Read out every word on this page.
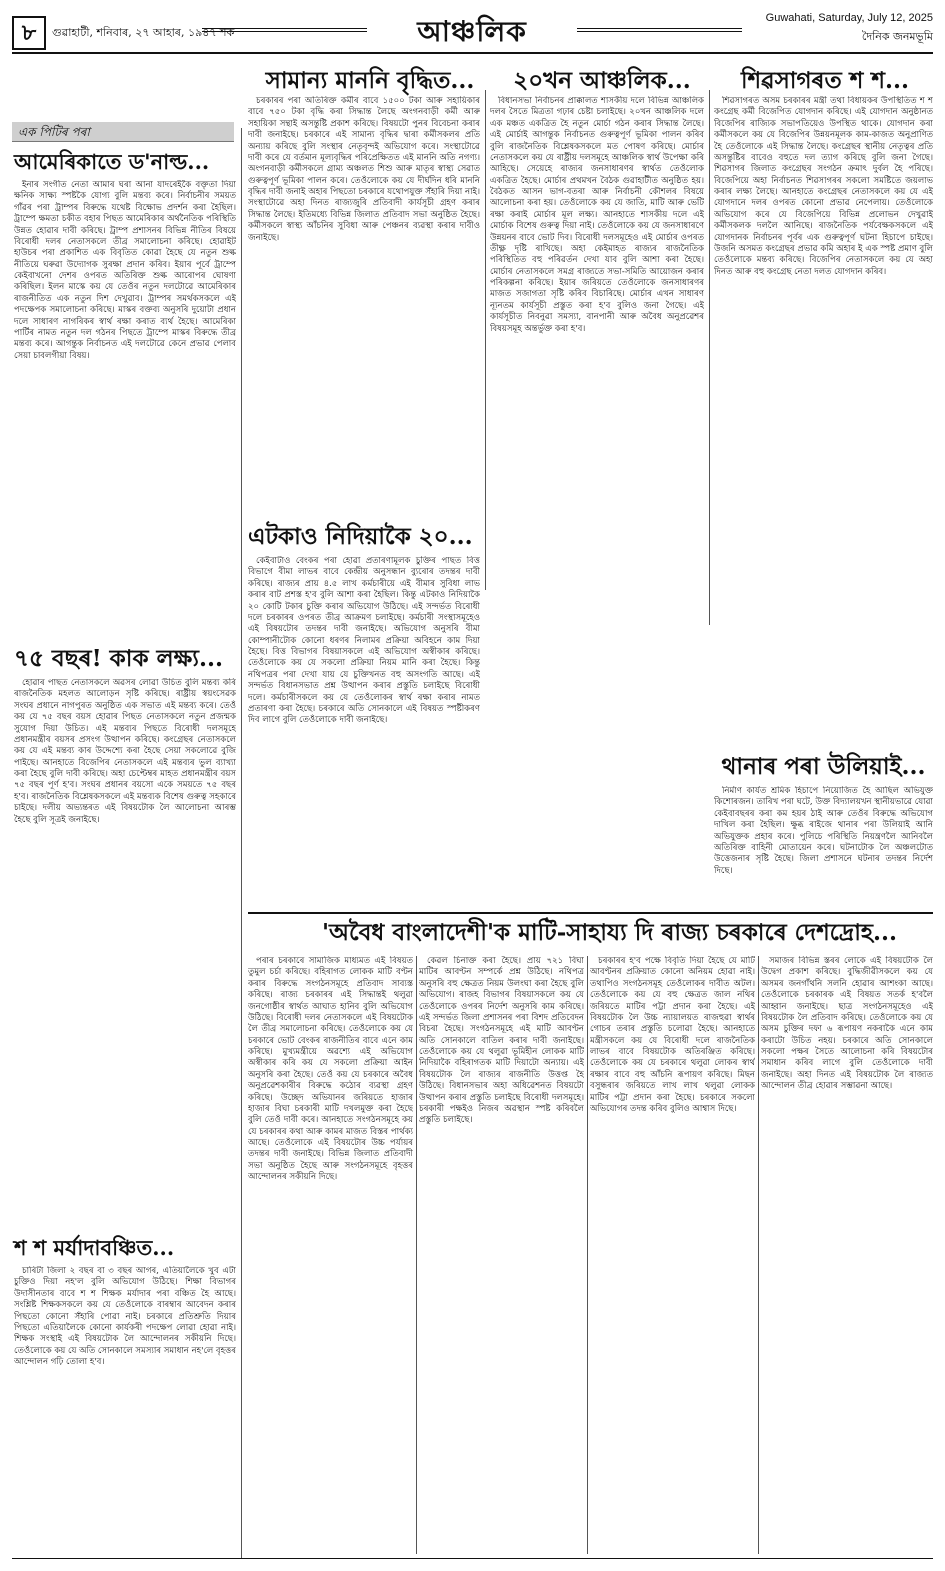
৮	গুৱাহাটী, শনিবাৰ, ২৭ আহাৰ, ১৯৪৭ শক	আঞ্চলিক	Guwahati, Saturday, July 12, 2025
দৈনিক জনমভূমি
সামান্য মাননি বৃদ্ধিত...	২০খন আঞ্চলিক...	শিৱসাগৰত শ শ...
এক পিটিৰ পৰা
আমেৰিকাতে ড'নাল্ড...

ইনাৰ সংগীত নেতা আমাৰ ঘৰা আনা যাদৰেইকৈ বক্তৃতা দিয়া ক্ষনিক সাক্ষ্য স্পষ্টকৈ যোগ্য বুলি মন্তব্য কৰে। নিৰ্বাচনীৰ সময়ত গাঁৱৰ পৰা ট্ৰাম্পৰ বিৰুদ্ধে যথেষ্ট বিক্ষোভ প্ৰদৰ্শন কৰা হৈছিল। ট্ৰাম্পে ক্ষমতা চকীত বহাৰ পিছত আমেৰিকাৰ অৰ্থনৈতিক পৰিস্থিতি উন্নত হোৱাৰ দাবী কৰিছে। ট্ৰাম্প প্ৰশাসনৰ বিভিন্ন নীতিৰ বিষয়ে বিৰোধী দলৰ নেতাসকলে তীব্ৰ সমালোচনা কৰিছে। হোৱাইট হাউচৰ পৰা প্ৰকাশিত এক বিবৃতিত কোৱা হৈছে যে নতুন শুল্ক নীতিয়ে ঘৰুৱা উদ্যোগক সুৰক্ষা প্ৰদান কৰিব। ইয়াৰ পূৰ্বে ট্ৰাম্পে কেইবাখনো দেশৰ ওপৰত অতিৰিক্ত শুল্ক আৰোপৰ ঘোষণা কৰিছিল। ইলন মাস্কে কয় যে তেওঁৰ নতুন দলটোৱে আমেৰিকাৰ ৰাজনীতিত এক নতুন দিশ দেখুৱাব। ট্ৰাম্পৰ সমৰ্থকসকলে এই পদক্ষেপক সমালোচনা কৰিছে। মাস্কৰ বক্তব্য অনুসৰি দুয়োটা প্ৰধান দলে সাধাৰণ নাগৰিকৰ স্বাৰ্থ ৰক্ষা কৰাত ব্যৰ্থ হৈছে। আমেৰিকা পাৰ্টিৰ নামত নতুন দল গঠনৰ পিছতে ট্ৰাম্পে মাস্কৰ বিৰুদ্ধে তীব্ৰ মন্তব্য কৰে। আগন্তুক নিৰ্বাচনত এই দলটোৱে কেনে প্ৰভাৱ পেলাব সেয়া চাবলগীয়া বিষয়।

৭৫ বছৰ! কাক লক্ষ্য...

হোৱাৰ পাছত নেতাসকলে অৱসৰ লোৱা উচিত বুলি মন্তব্য কৰি ৰাজনৈতিক মহলত আলোড়ন সৃষ্টি কৰিছে। ৰাষ্ট্ৰীয় স্বয়ংসেৱক সংঘৰ প্ৰধানে নাগপুৰত অনুষ্ঠিত এক সভাত এই মন্তব্য কৰে। তেওঁ কয় যে ৭৫ বছৰ বয়স হোৱাৰ পিছত নেতাসকলে নতুন প্ৰজন্মক সুযোগ দিয়া উচিত। এই মন্তব্যৰ পিছতে বিৰোধী দলসমূহে প্ৰধানমন্ত্ৰীৰ বয়সৰ প্ৰসংগ উত্থাপন কৰিছে। কংগ্ৰেছৰ নেতাসকলে কয় যে এই মন্তব্য কাৰ উদ্দেশ্যে কৰা হৈছে সেয়া সকলোৱে বুজি পাইছে। আনহাতে বিজেপিৰ নেতাসকলে এই মন্তব্যৰ ভুল ব্যাখ্যা কৰা হৈছে বুলি দাবী কৰিছে। অহা চেপ্টেম্বৰ মাহত প্ৰধানমন্ত্ৰীৰ বয়স ৭৫ বছৰ পূৰ্ণ হ'ব। সংঘৰ প্ৰধানৰ বয়সো একে সময়তে ৭৫ বছৰ হ'ব। ৰাজনৈতিক বিশ্লেষকসকলে এই মন্তব্যক বিশেষ গুৰুত্ব সহকাৰে চাইছে। দলীয় অভ্যন্তৰত এই বিষয়টোক লৈ আলোচনা আৰম্ভ হৈছে বুলি সূত্ৰই জনাইছে।

শ শ মৰ্যাদাবঞ্চিত...

চাৰিটা জিলা ২ বছৰ বা ৩ বছৰ আগৰ, এতিয়ালৈকে খুব এটা চুক্তিও দিয়া নহ'ল বুলি অভিযোগ উঠিছে। শিক্ষা বিভাগৰ উদাসীনতাৰ বাবে শ শ শিক্ষক মৰ্যাদাৰ পৰা বঞ্চিত হৈ আছে। সংশ্লিষ্ট শিক্ষকসকলে কয় যে তেওঁলোকে বাৰম্বাৰ আবেদন কৰাৰ পিছতো কোনো সঁহাৰি পোৱা নাই। চৰকাৰে প্ৰতিশ্ৰুতি দিয়াৰ পিছতো এতিয়ালৈকে কোনো কাৰ্যকৰী পদক্ষেপ লোৱা হোৱা নাই। শিক্ষক সংস্থাই এই বিষয়টোক লৈ আন্দোলনৰ সকীয়নি দিছে। তেওঁলোকে কয় যে অতি সোনকালে সমস্যাৰ সমাধান নহ'লে বৃহত্তৰ আন্দোলন গঢ়ি তোলা হ'ব।

চৰকাৰৰ পৰা অতিৰিক্ত কৰ্মীৰ বাবে ১৫০০ টকা আৰু সহায়িকাৰ বাবে ৭৫০ টকা বৃদ্ধি কৰা সিদ্ধান্ত লৈছে অংগনবাড়ী কৰ্মী আৰু সহায়িকা সন্থাই অসন্তুষ্টি প্ৰকাশ কৰিছে। বিষয়টো পুনৰ বিবেচনা কৰাৰ দাবী জনাইছে। চৰকাৰে এই সামান্য বৃদ্ধিৰ দ্বাৰা কৰ্মীসকলৰ প্ৰতি অন্যায় কৰিছে বুলি সংস্থাৰ নেতৃবৃন্দই অভিযোগ কৰে। সংস্থাটোৱে দাবী কৰে যে বৰ্তমান মূল্যবৃদ্ধিৰ পৰিপ্ৰেক্ষিতত এই মাননি অতি নগণ্য। অংগনবাড়ী কৰ্মীসকলে গ্ৰাম্য অঞ্চলত শিশু আৰু মাতৃৰ স্বাস্থ্য সেৱাত গুৰুত্বপূৰ্ণ ভূমিকা পালন কৰে। তেওঁলোকে কয় যে দীৰ্ঘদিন ধৰি মাননি বৃদ্ধিৰ দাবী জনাই অহাৰ পিছতো চৰকাৰে যথোপযুক্ত সঁহাৰি দিয়া নাই। সংস্থাটোৱে অহা দিনত ৰাজ্যজুৰি প্ৰতিবাদী কাৰ্যসূচী গ্ৰহণ কৰাৰ সিদ্ধান্ত লৈছে। ইতিমধ্যে বিভিন্ন জিলাত প্ৰতিবাদ সভা অনুষ্ঠিত হৈছে। কৰ্মীসকলে স্বাস্থ্য আঁচনিৰ সুবিধা আৰু পেঞ্চনৰ ব্যৱস্থা কৰাৰ দাবীও জনাইছে।

এটকাও নিদিয়াকৈ ২০...

কেইবাটাও বেংকৰ পৰা হোৱা প্ৰতাৰণামূলক চুক্তিৰ পাছত বিত্ত বিভাগে বীমা লাভৰ বাবে কেন্দ্ৰীয় অনুসন্ধান ব্যুৰোৰ তদন্তৰ দাবী কৰিছে। ৰাজ্যৰ প্ৰায় ৪.৫ লাখ কৰ্মচাৰীয়ে এই বীমাৰ সুবিধা লাভ কৰাৰ বাট প্ৰশস্ত হ'ব বুলি আশা কৰা হৈছিল। কিন্তু এটকাও নিদিয়াকৈ ২০ কোটি টকাৰ চুক্তি কৰাৰ অভিযোগ উঠিছে। এই সন্দৰ্ভত বিৰোধী দলে চৰকাৰৰ ওপৰত তীব্ৰ আক্ৰমণ চলাইছে। কৰ্মচাৰী সংস্থাসমূহেও এই বিষয়টোৰ তদন্তৰ দাবী জনাইছে। অভিযোগ অনুসৰি বীমা কোম্পানীটোক কোনো ধৰণৰ নিলামৰ প্ৰক্ৰিয়া অবিহনে কাম দিয়া হৈছে। বিত্ত বিভাগৰ বিষয়াসকলে এই অভিযোগ অস্বীকাৰ কৰিছে। তেওঁলোকে কয় যে সকলো প্ৰক্ৰিয়া নিয়ম মানি কৰা হৈছে। কিন্তু নথিপত্ৰৰ পৰা দেখা যায় যে চুক্তিখনত বহু অসংগতি আছে। এই সন্দৰ্ভত বিধানসভাত প্ৰশ্ন উত্থাপন কৰাৰ প্ৰস্তুতি চলাইছে বিৰোধী দলে। কৰ্মচাৰীসকলে কয় যে তেওঁলোকৰ স্বাৰ্থ ৰক্ষা কৰাৰ নামত প্ৰতাৰণা কৰা হৈছে। চৰকাৰে অতি সোনকালে এই বিষয়ত স্পষ্টীকৰণ দিব লাগে বুলি তেওঁলোকে দাবী জনাইছে।

বিধানসভা নিৰ্বাচনৰ প্ৰাক্কালত শাসকীয় দলে বিভিন্ন আঞ্চলিক দলৰ সৈতে মিত্ৰতা গঢ়াৰ চেষ্টা চলাইছে। ২০খন আঞ্চলিক দলে এক মঞ্চত একত্ৰিত হৈ নতুন মোৰ্চা গঠন কৰাৰ সিদ্ধান্ত লৈছে। এই মোৰ্চাই আগন্তুক নিৰ্বাচনত গুৰুত্বপূৰ্ণ ভূমিকা পালন কৰিব বুলি ৰাজনৈতিক বিশ্লেষকসকলে মত পোষণ কৰিছে। মোৰ্চাৰ নেতাসকলে কয় যে ৰাষ্ট্ৰীয় দলসমূহে আঞ্চলিক স্বাৰ্থ উপেক্ষা কৰি আহিছে। সেয়েহে ৰাজ্যৰ জনসাধাৰণৰ স্বাৰ্থত তেওঁলোক একত্ৰিত হৈছে। মোৰ্চাৰ প্ৰথমখন বৈঠক গুৱাহাটীত অনুষ্ঠিত হয়। বৈঠকত আসন ভাগ-বতৰা আৰু নিৰ্বাচনী কৌশলৰ বিষয়ে আলোচনা কৰা হয়। তেওঁলোকে কয় যে জাতি, মাটি আৰু ভেটি ৰক্ষা কৰাই মোৰ্চাৰ মূল লক্ষ্য। আনহাতে শাসকীয় দলে এই মোৰ্চাক বিশেষ গুৰুত্ব দিয়া নাই। তেওঁলোকে কয় যে জনসাধাৰণে উন্নয়নৰ বাবে ভোট দিব। বিৰোধী দলসমূহেও এই মোৰ্চাৰ ওপৰত তীক্ষ্ণ দৃষ্টি ৰাখিছে। অহা কেইমাহত ৰাজ্যৰ ৰাজনৈতিক পৰিস্থিতিত বহু পৰিৱৰ্তন দেখা যাব বুলি আশা কৰা হৈছে। মোৰ্চাৰ নেতাসকলে সমগ্ৰ ৰাজ্যতে সভা-সমিতি আয়োজন কৰাৰ পৰিকল্পনা কৰিছে। ইয়াৰ জৰিয়তে তেওঁলোকে জনসাধাৰণৰ মাজত সজাগতা সৃষ্টি কৰিব বিচাৰিছে। মোৰ্চাৰ এখন সাধাৰণ ন্যূনতম কাৰ্যসূচী প্ৰস্তুত কৰা হ'ব বুলিও জনা গৈছে। এই কাৰ্যসূচীত নিবনুৱা সমস্যা, বানপানী আৰু অবৈধ অনুপ্ৰৱেশৰ বিষয়সমূহ অন্তৰ্ভুক্ত কৰা হ'ব।

শিৱসাগৰত অসম চৰকাৰৰ মন্ত্ৰী তথা বিধায়কৰ উপস্থিতিত শ শ কংগ্ৰেছ কৰ্মী বিজেপিত যোগদান কৰিছে। এই যোগদান অনুষ্ঠানত বিজেপিৰ ৰাজ্যিক সভাপতিয়েও উপস্থিত থাকে। যোগদান কৰা কৰ্মীসকলে কয় যে বিজেপিৰ উন্নয়নমূলক কাম-কাজত অনুপ্ৰাণিত হৈ তেওঁলোকে এই সিদ্ধান্ত লৈছে। কংগ্ৰেছৰ স্থানীয় নেতৃত্বৰ প্ৰতি অসন্তুষ্টিৰ বাবেও বহুতে দল ত্যাগ কৰিছে বুলি জনা গৈছে। শিৱসাগৰ জিলাত কংগ্ৰেছৰ সংগঠন ক্ৰমাৎ দুৰ্বল হৈ পৰিছে। বিজেপিয়ে অহা নিৰ্বাচনত শিৱসাগৰৰ সকলো সমষ্টিতে জয়লাভ কৰাৰ লক্ষ্য লৈছে। আনহাতে কংগ্ৰেছৰ নেতাসকলে কয় যে এই যোগদানে দলৰ ওপৰত কোনো প্ৰভাৱ নেপেলায়। তেওঁলোকে অভিযোগ কৰে যে বিজেপিয়ে বিভিন্ন প্ৰলোভন দেখুৱাই কৰ্মীসকলক দললৈ আনিছে। ৰাজনৈতিক পৰ্যবেক্ষকসকলে এই যোগদানক নিৰ্বাচনৰ পূৰ্বৰ এক গুৰুত্বপূৰ্ণ ঘটনা হিচাপে চাইছে। উজনি অসমত কংগ্ৰেছৰ প্ৰভাৱ কমি অহাৰ ই এক স্পষ্ট প্ৰমাণ বুলি তেওঁলোকে মন্তব্য কৰিছে। বিজেপিৰ নেতাসকলে কয় যে অহা দিনত আৰু বহু কংগ্ৰেছ নেতা দলত যোগদান কৰিব।

থানাৰ পৰা উলিয়াই...

নিৰ্মাণ কাৰ্যত শ্ৰমিক হিচাপে নিয়োজিত হৈ আছিল অভিযুক্ত কিশোৰজন। তাৰিখ পৰা ঘটে, উক্ত বিদ্যালয়খন স্থানীয়ভাৱে যোৱা কেইবাবছৰৰ কৰা কম হয়ৰ ঠাই আৰু তেওঁৰ বিৰুদ্ধে অভিযোগ দাখিল কৰা হৈছিল। ক্ষুব্ধ ৰাইজে থানাৰ পৰা উলিয়াই আনি অভিযুক্তক প্ৰহাৰ কৰে। পুলিচে পৰিস্থিতি নিয়ন্ত্ৰণলৈ আনিবলৈ অতিৰিক্ত বাহিনী মোতায়েন কৰে। ঘটনাটোক লৈ অঞ্চলটোত উত্তেজনাৰ সৃষ্টি হৈছে। জিলা প্ৰশাসনে ঘটনাৰ তদন্তৰ নিৰ্দেশ দিছে।

'অবৈধ বাংলাদেশী'ক মাটি-সাহায্য দি ৰাজ্য চৰকাৰে দেশদ্ৰোহ...

পৰাৰ চৰকাৰে সামাজিক মাধ্যমত এই বিষয়ত তুমুল চৰ্চা কৰিছে। বহিৰাগত লোকক মাটি বণ্টন কৰাৰ বিৰুদ্ধে সংগঠনসমূহে প্ৰতিবাদ সাব্যস্ত কৰিছে। ৰাজ্য চৰকাৰৰ এই সিদ্ধান্তই থলুৱা জনগোষ্ঠীৰ স্বাৰ্থত আঘাত হানিব বুলি অভিযোগ উঠিছে। বিৰোধী দলৰ নেতাসকলে এই বিষয়টোক লৈ তীব্ৰ সমালোচনা কৰিছে। তেওঁলোকে কয় যে চৰকাৰে ভোট বেংকৰ ৰাজনীতিৰ বাবে এনে কাম কৰিছে। মুখ্যমন্ত্ৰীয়ে অৱশ্যে এই অভিযোগ অস্বীকাৰ কৰি কয় যে সকলো প্ৰক্ৰিয়া আইন অনুসৰি কৰা হৈছে। তেওঁ কয় যে চৰকাৰে অবৈধ অনুপ্ৰৱেশকাৰীৰ বিৰুদ্ধে কঠোৰ ব্যৱস্থা গ্ৰহণ কৰিছে। উচ্ছেদ অভিযানৰ জৰিয়তে হাজাৰ হাজাৰ বিঘা চৰকাৰী মাটি দখলমুক্ত কৰা হৈছে বুলি তেওঁ দাবী কৰে। আনহাতে সংগঠনসমূহে কয় যে চৰকাৰৰ কথা আৰু কামৰ মাজত বিস্তৰ পাৰ্থক্য আছে। তেওঁলোকে এই বিষয়টোৰ উচ্চ পৰ্যায়ৰ তদন্তৰ দাবী জনাইছে। বিভিন্ন জিলাত প্ৰতিবাদী সভা অনুষ্ঠিত হৈছে আৰু সংগঠনসমূহে বৃহত্তৰ আন্দোলনৰ সকীয়নি দিছে।

কেৱল চিনাক্ত কৰা হৈছে। প্ৰায় ৭২১ বিঘা মাটিৰ আবণ্টন সম্পৰ্কে প্ৰশ্ন উঠিছে। নথিপত্ৰ অনুসৰি বহু ক্ষেত্ৰত নিয়ম উলংঘা কৰা হৈছে বুলি অভিযোগ। ৰাজহ বিভাগৰ বিষয়াসকলে কয় যে তেওঁলোকে ওপৰৰ নিৰ্দেশ অনুসৰি কাম কৰিছে। এই সন্দৰ্ভত জিলা প্ৰশাসনৰ পৰা বিশদ প্ৰতিবেদন বিচৰা হৈছে। সংগঠনসমূহে এই মাটি আবণ্টন অতি সোনকালে বাতিল কৰাৰ দাবী জনাইছে। তেওঁলোকে কয় যে থলুৱা ভূমিহীন লোকক মাটি নিদিয়াকৈ বহিৰাগতক মাটি দিয়াটো অন্যায়। এই বিষয়টোক লৈ ৰাজ্যৰ ৰাজনীতি উত্তপ্ত হৈ উঠিছে। বিধানসভাৰ অহা অধিৱেশনত বিষয়টো উত্থাপন কৰাৰ প্ৰস্তুতি চলাইছে বিৰোধী দলসমূহে। চৰকাৰী পক্ষইও নিজৰ অৱস্থান স্পষ্ট কৰিবলৈ প্ৰস্তুতি চলাইছে।

চৰকাৰৰ হ'ব পক্ষে বিবৃতি দিয়া হৈছে যে মাটি আবণ্টনৰ প্ৰক্ৰিয়াত কোনো অনিয়ম হোৱা নাই। তথাপিও সংগঠনসমূহ তেওঁলোকৰ দাবীত অটল। তেওঁলোকে কয় যে বহু ক্ষেত্ৰত জাল নথিৰ জৰিয়তে মাটিৰ পট্টা প্ৰদান কৰা হৈছে। এই বিষয়টোক লৈ উচ্চ ন্যায়ালয়ত ৰাজহুৱা স্বাৰ্থৰ গোচৰ তৰাৰ প্ৰস্তুতি চলোৱা হৈছে। আনহাতে মন্ত্ৰীসকলে কয় যে বিৰোধী দলে ৰাজনৈতিক লাভৰ বাবে বিষয়টোক অতিৰঞ্জিত কৰিছে। তেওঁলোকে কয় যে চৰকাৰে থলুৱা লোকৰ স্বাৰ্থ ৰক্ষাৰ বাবে বহু আঁচনি ৰূপায়ণ কৰিছে। মিছন বসুন্ধৰাৰ জৰিয়তে লাখ লাখ থলুৱা লোকক মাটিৰ পট্টা প্ৰদান কৰা হৈছে। চৰকাৰে সকলো অভিযোগৰ তদন্ত কৰিব বুলিও আশ্বাস দিছে।

সমাজৰ বিভিন্ন স্তৰৰ লোকে এই বিষয়টোক লৈ উদ্বেগ প্ৰকাশ কৰিছে। বুদ্ধিজীৱীসকলে কয় যে অসমৰ জনগাঁথনি সলনি হোৱাৰ আশংকা আছে। তেওঁলোকে চৰকাৰক এই বিষয়ত সতৰ্ক হ'বলৈ আহ্বান জনাইছে। ছাত্ৰ সংগঠনসমূহেও এই বিষয়টোক লৈ প্ৰতিবাদ কৰিছে। তেওঁলোকে কয় যে অসম চুক্তিৰ দফা ৬ ৰূপায়ণ নকৰাকৈ এনে কাম কৰাটো উচিত নহয়। চৰকাৰে অতি সোনকালে সকলো পক্ষৰ সৈতে আলোচনা কৰি বিষয়টোৰ সমাধান কৰিব লাগে বুলি তেওঁলোকে দাবী জনাইছে। অহা দিনত এই বিষয়টোক লৈ ৰাজ্যত আন্দোলন তীব্ৰ হোৱাৰ সম্ভাৱনা আছে।
